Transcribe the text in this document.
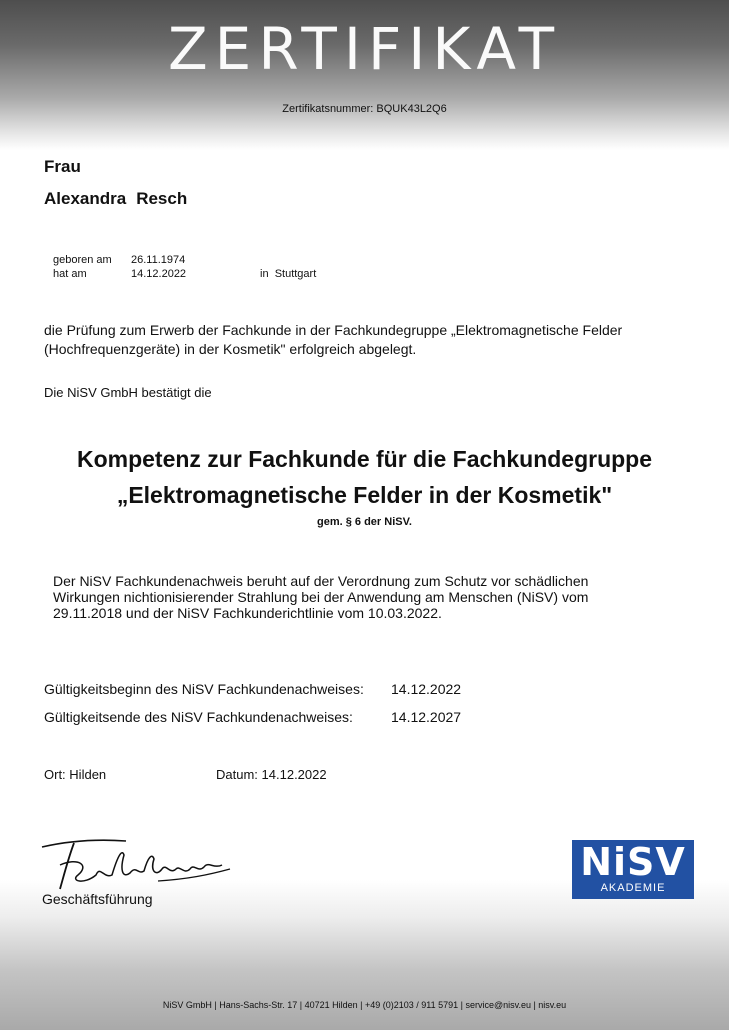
ZERTIFIKAT
Zertifikatsnummer: BQUK43L2Q6
Frau
Alexandra Resch
geboren am 26.11.1974
hat am	14.12.2022	in Stuttgart
die Prüfung zum Erwerb der Fachkunde in der Fachkundegruppe „Elektromagnetische Felder
(Hochfrequenzgeräte) in der Kosmetik" erfolgreich abgelegt.
Die NiSV GmbH bestätigt die
Kompetenz zur Fachkunde für die Fachkundegruppe
„Elektromagnetische Felder in der Kosmetik"
gem. § 6 der NiSV.
Der NiSV Fachkundenachweis beruht auf der Verordnung zum Schutz vor schädlichen
Wirkungen nichtionisierender Strahlung bei der Anwendung am Menschen (NiSV) vom
29.11.2018 und der NiSV Fachkunderichtlinie vom 10.03.2022.
Gültigkeitsbeginn des NiSV Fachkundenachweises: 14.12.2022
Gültigkeitsende des NiSV Fachkundenachweises:	14.12.2027
Ort: Hilden	Datum: 14.12.2022
Geschäftsführung
NiSV
AKADEMIE
NiSV GmbH | Hans-Sachs-Str. 17 | 40721 Hilden | +49 (0)2103 / 911 5791 | service@nisv.eu | nisv.eu
